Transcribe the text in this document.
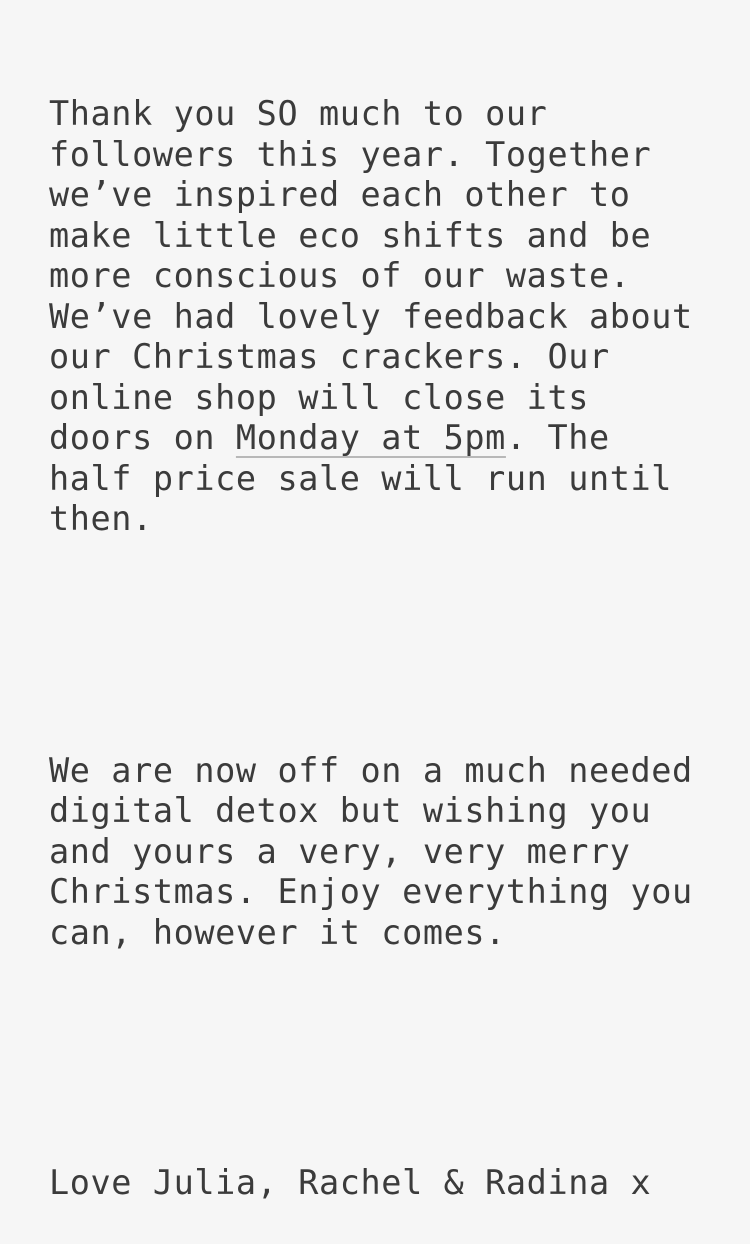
Thank you SO much to our
followers this year. Together
we’ve inspired each other to
make little eco shifts and be
more conscious of our waste.
We’ve had lovely feedback about
our Christmas crackers. Our
online shop will close its
doors on Monday at 5pm. The
half price sale will run until
then.

We are now off on a much needed
digital detox but wishing you
and yours a very, very merry
Christmas. Enjoy everything you
can, however it comes.

Love Julia, Rachel & Radina x
